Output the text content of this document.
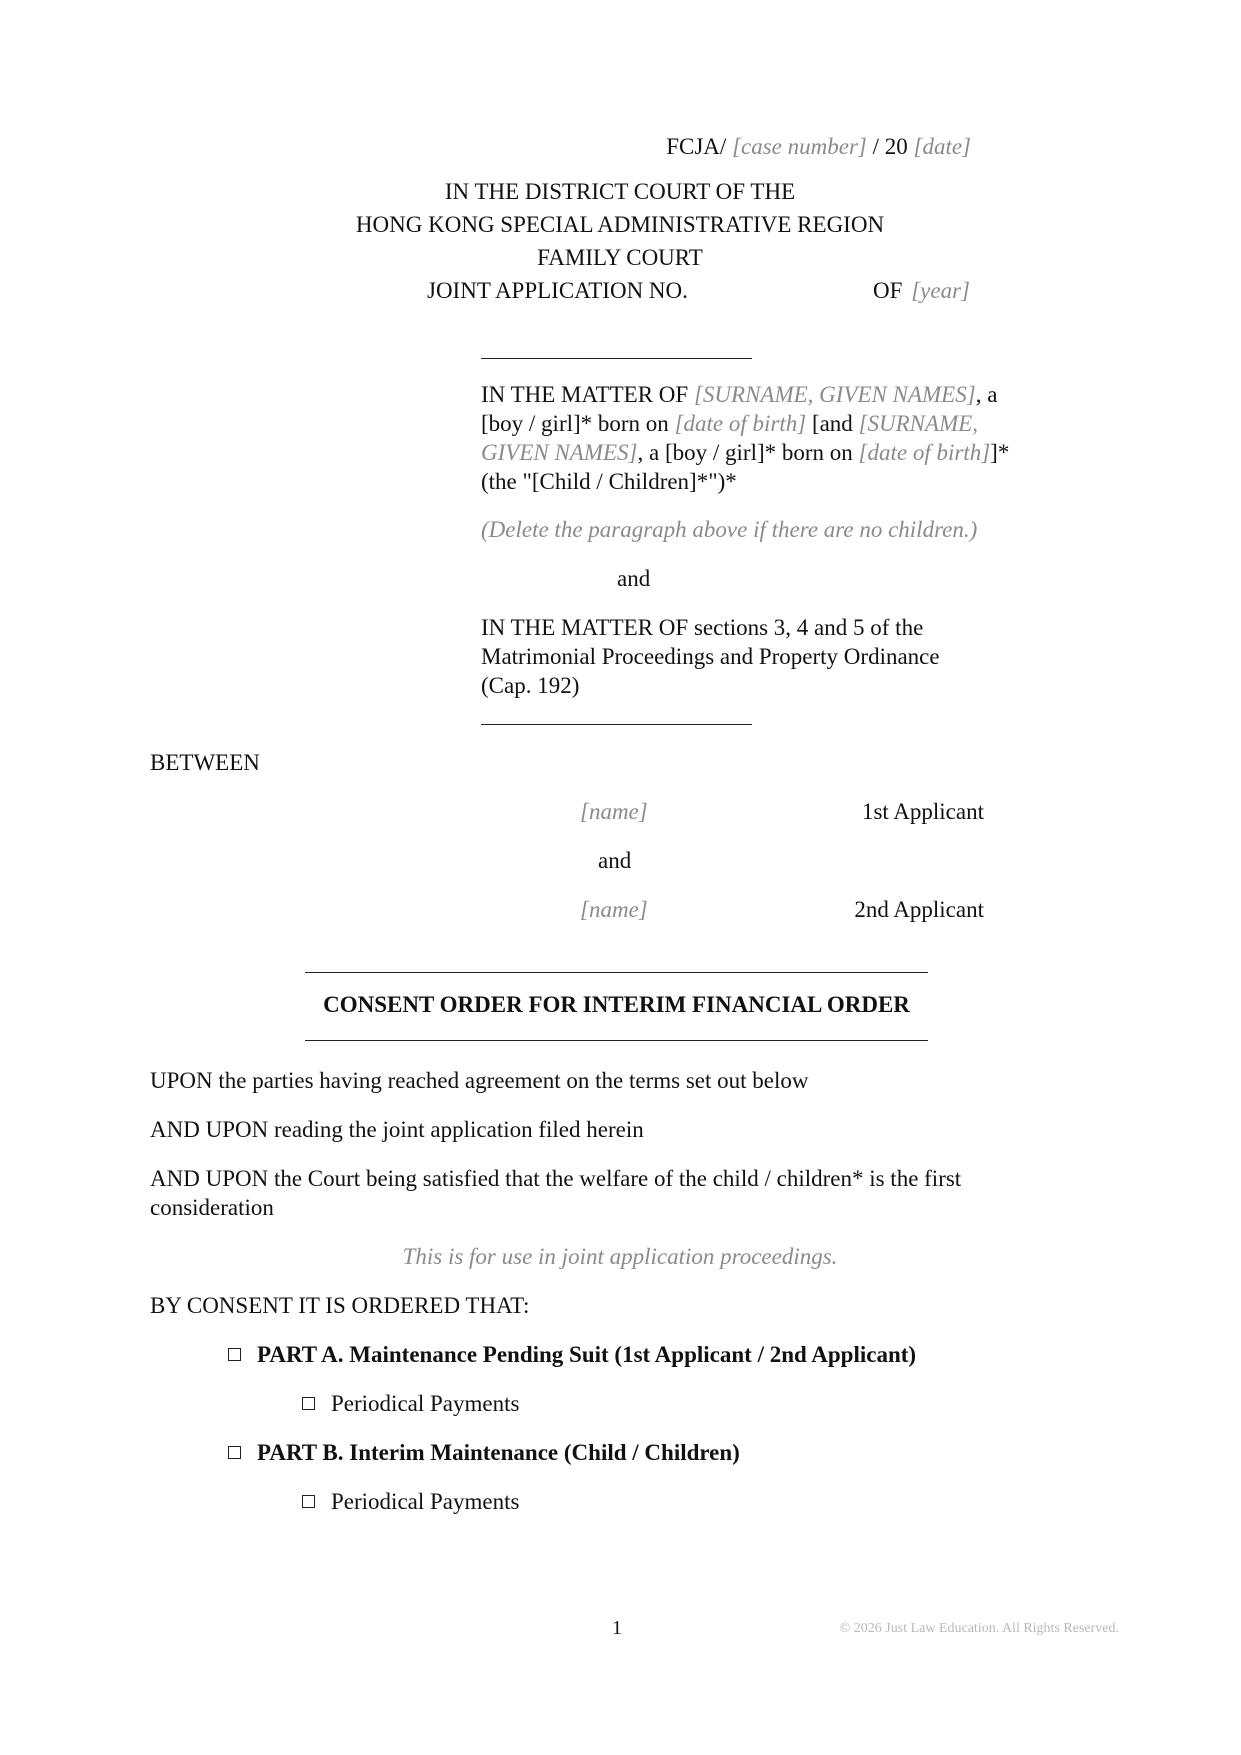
FCJA/ [case number] / 20 [date]
IN THE DISTRICT COURT OF THE
HONG KONG SPECIAL ADMINISTRATIVE REGION
FAMILY COURT
JOINT APPLICATION NO.	OF [year]
IN THE MATTER OF [SURNAME, GIVEN NAMES], a
[boy / girl]* born on [date of birth] [and [SURNAME,
GIVEN NAMES], a [boy / girl]* born on [date of birth]]*
(the "[Child / Children]*")*
(Delete the paragraph above if there are no children.)
and
IN THE MATTER OF sections 3, 4 and 5 of the Matrimonial Proceedings and Property Ordinance (Cap. 192)
BETWEEN
[name]	1st Applicant
and
[name]	2nd Applicant
CONSENT ORDER FOR INTERIM FINANCIAL ORDER
UPON the parties having reached agreement on the terms set out below
AND UPON reading the joint application filed herein
AND UPON the Court being satisfied that the welfare of the child / children* is the first consideration
This is for use in joint application proceedings.
BY CONSENT IT IS ORDERED THAT:
PART A. Maintenance Pending Suit (1st Applicant / 2nd Applicant)
Periodical Payments
PART B. Interim Maintenance (Child / Children)
Periodical Payments
1	© 2026 Just Law Education. All Rights Reserved.
